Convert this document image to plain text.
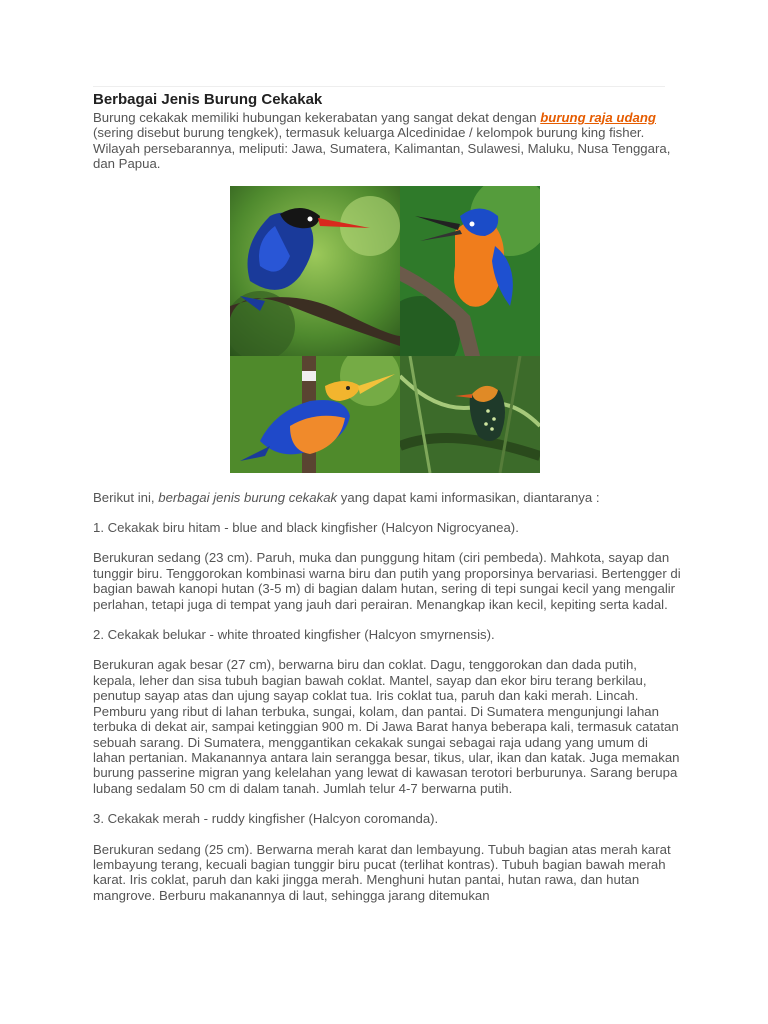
Berbagai Jenis Burung Cekakak

Burung cekakak memiliki hubungan kekerabatan yang sangat dekat dengan burung raja udang (sering disebut burung tengkek), termasuk keluarga Alcedinidae / kelompok burung king fisher. Wilayah persebarannya, meliputi: Jawa, Sumatera, Kalimantan, Sulawesi, Maluku, Nusa Tenggara, dan Papua.

Berikut ini, berbagai jenis burung cekakak yang dapat kami informasikan, diantaranya :

1. Cekakak biru hitam - blue and black kingfisher (Halcyon Nigrocyanea).

Berukuran sedang (23 cm). Paruh, muka dan punggung hitam (ciri pembeda). Mahkota, sayap dan tunggir biru. Tenggorokan kombinasi warna biru dan putih yang proporsinya bervariasi. Bertengger di bagian bawah kanopi hutan (3-5 m) di bagian dalam hutan, sering di tepi sungai kecil yang mengalir perlahan, tetapi juga di tempat yang jauh dari perairan. Menangkap ikan kecil, kepiting serta kadal.

2. Cekakak belukar - white throated kingfisher (Halcyon smyrnensis).

Berukuran agak besar (27 cm), berwarna biru dan coklat. Dagu, tenggorokan dan dada putih, kepala, leher dan sisa tubuh bagian bawah coklat. Mantel, sayap dan ekor biru terang berkilau, penutup sayap atas dan ujung sayap coklat tua. Iris coklat tua, paruh dan kaki merah. Lincah. Pemburu yang ribut di lahan terbuka, sungai, kolam, dan pantai. Di Sumatera mengunjungi lahan terbuka di dekat air, sampai ketinggian 900 m. Di Jawa Barat hanya beberapa kali, termasuk catatan sebuah sarang. Di Sumatera, menggantikan cekakak sungai sebagai raja udang yang umum di lahan pertanian. Makanannya antara lain serangga besar, tikus, ular, ikan dan katak. Juga memakan burung passerine migran yang kelelahan yang lewat di kawasan terotori berburunya. Sarang berupa lubang sedalam 50 cm di dalam tanah. Jumlah telur 4-7 berwarna putih.

3. Cekakak merah - ruddy kingfisher (Halcyon coromanda).

Berukuran sedang (25 cm). Berwarna merah karat dan lembayung. Tubuh bagian atas merah karat lembayung terang, kecuali bagian tunggir biru pucat (terlihat kontras). Tubuh bagian bawah merah karat. Iris coklat, paruh dan kaki jingga merah. Menghuni hutan pantai, hutan rawa, dan hutan mangrove. Berburu makanannya di laut, sehingga jarang ditemukan
